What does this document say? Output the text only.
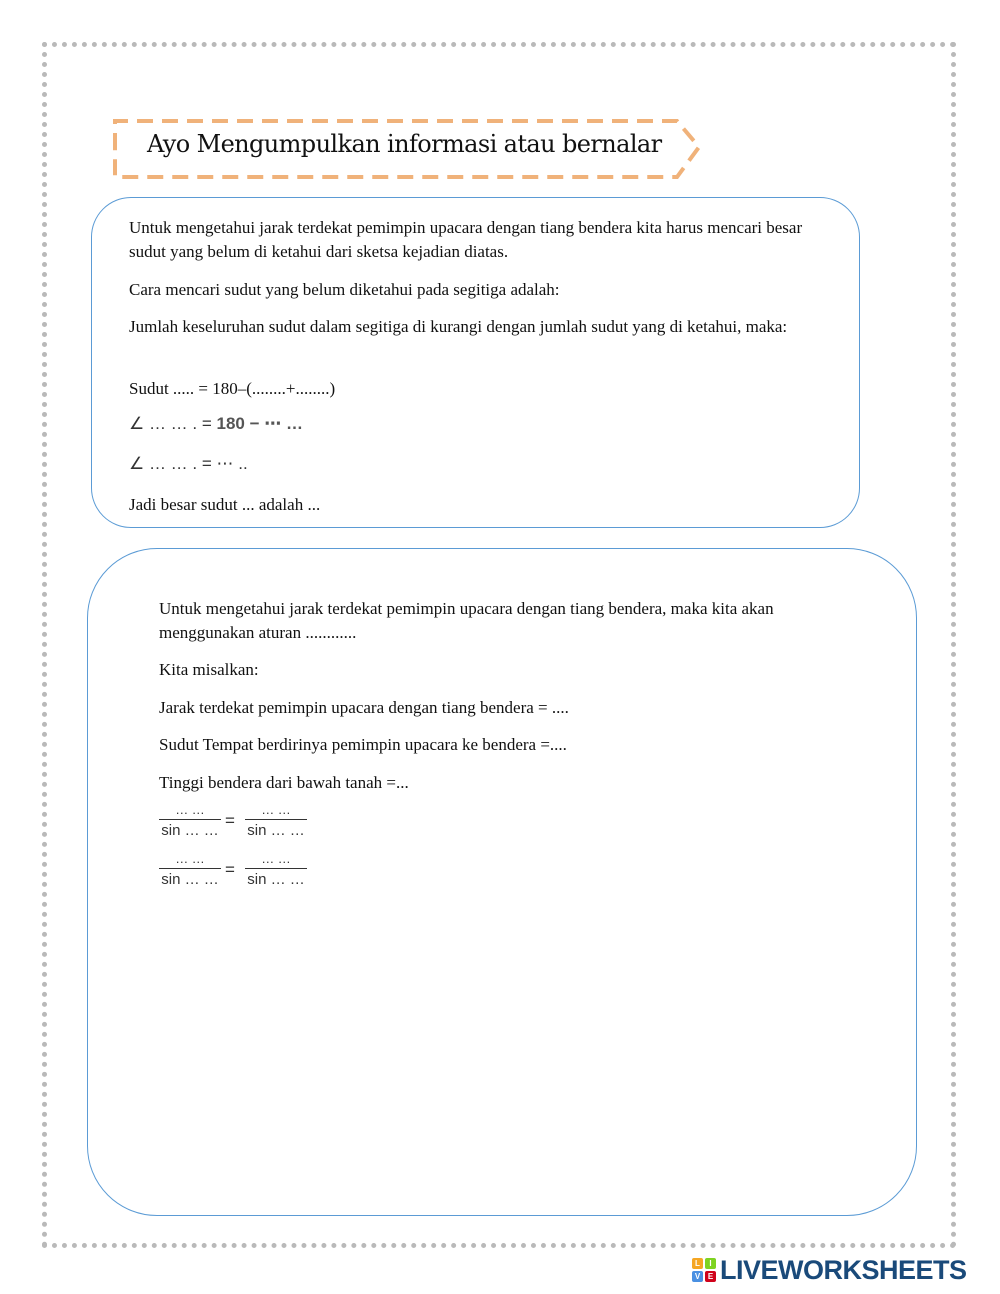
Ayo Mengumpulkan informasi atau bernalar

Untuk mengetahui jarak terdekat pemimpin upacara dengan tiang bendera kita harus mencari besar sudut yang belum di ketahui dari sketsa kejadian diatas.

Cara mencari sudut yang belum diketahui pada segitiga adalah:

Jumlah keseluruhan sudut dalam segitiga di kurangi dengan jumlah sudut yang di ketahui, maka:

Sudut ..... = 180–(........+........)

∠ … … . = 180 − ⋯ …
∠ … … . = ⋯ ..

Jadi besar sudut ... adalah ...

Untuk mengetahui jarak terdekat pemimpin upacara dengan tiang bendera, maka kita akan menggunakan aturan ............

Kita misalkan:

Jarak terdekat pemimpin upacara dengan tiang bendera = ....

Sudut Tempat berdirinya pemimpin upacara ke bendera =....

Tinggi bendera dari bawah tanah =...

… …
sin … …
=
… …
sin … …
… …
sin … …
=
… …
sin … …
L	I
V E LIVEWORKSHEETS
